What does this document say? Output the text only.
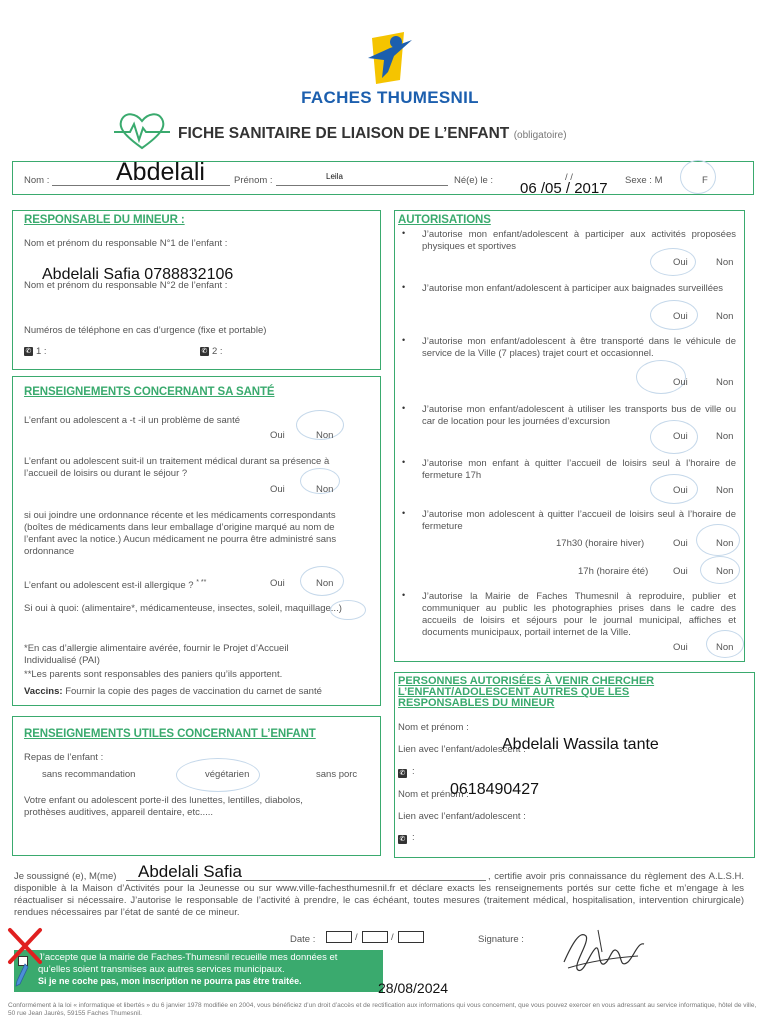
FACHES THUMESNIL
FICHE SANITAIRE DE LIAISON DE L’ENFANT (obligatoire)
Nom :	Abdelali	Prénom :	Leila	Né(e) le :	/ /
06 /05 / 2017 Sexe : M	F
RESPONSABLE DU MINEUR :
Nom et prénom du responsable N°1 de l’enfant :
Abdelali Safia 0788832106
Nom et prénom du responsable N°2 de l’enfant :
Numéros de téléphone en cas d’urgence (fixe et portable)
✆ 1 :	✆ 2 :
RENSEIGNEMENTS CONCERNANT SA SANTÉ
L’enfant ou adolescent a -t -il un problème de santé
Oui	Non
L’enfant ou adolescent suit-il un traitement médical durant sa présence à l’accueil de loisirs ou durant le séjour ?
Oui	Non
si oui joindre une ordonnance récente et les médicaments correspondants (boîtes de médicaments dans leur emballage d’origine marqué au nom de l’enfant avec la notice.) Aucun médicament ne pourra être administré sans ordonnance
L’enfant ou adolescent est-il allergique ? * **	Oui	Non
Si oui à quoi: (alimentaire*, médicamenteuse, insectes, soleil, maquillage...)
*En cas d’allergie alimentaire avérée, fournir le Projet d’Accueil Individualisé (PAI)
**Les parents sont responsables des paniers qu’ils apportent.
Vaccins: Fournir la copie des pages de vaccination du carnet de santé
RENSEIGNEMENTS UTILES CONCERNANT L’ENFANT
Repas de l’enfant :
sans recommandation	végétarien	sans porc
Votre enfant ou adolescent porte-il des lunettes, lentilles, diabolos, prothèses auditives, appareil dentaire, etc.....
AUTORISATIONS
• J’autorise mon enfant/adolescent à participer aux activités proposées physiques et sportives
Oui	Non
• J’autorise mon enfant/adolescent à participer aux baignades surveillées
Oui	Non
• J’autorise mon enfant/adolescent à être transporté dans le véhicule de service de la Ville (7 places) trajet court et occasionnel.
Oui	Non
• J’autorise mon enfant/adolescent à utiliser les transports bus de ville ou car de location pour les journées d’excursion
Oui	Non
• J’autorise mon enfant à quitter l’accueil de loisirs seul à l’horaire de fermeture 17h
Oui	Non
• J’autorise mon adolescent à quitter l’accueil de loisirs seul à l’horaire de fermeture
17h30 (horaire hiver)	Oui	Non
17h (horaire été)	Oui	Non
• J’autorise la Mairie de Faches Thumesnil à reproduire, publier et communiquer au public les photographies prises dans le cadre des accueils de loisirs et séjours pour le journal municipal, affiches et documents municipaux, portail internet de la Ville.
Oui	Non
PERSONNES AUTORISÉES À VENIR CHERCHER L’ENFANT/ADOLESCENT AUTRES QUE LES RESPONSABLES DU MINEUR
Nom et prénom :
Lien avec l’enfant/adolescent :
Abdelali Wassila tante
✆ :
Nom et prénom :
0618490427
Lien avec l’enfant/adolescent :
✆ :
Je soussigné (e), M(me) Abdelali Safia	, certifie avoir pris connaissance du règlement des A.L.S.H. disponible à la Maison d’Activités pour la Jeunesse ou sur www.ville-fachesthumesnil.fr et déclare exacts les renseignements portés sur cette fiche et m’engage à les réactualiser si nécessaire. J’autorise le responsable de l’activité à prendre, le cas échéant, toutes mesures (traitement médical, hospitalisation, intervention chirurgicale) rendues nécessaires par l’état de santé de ce mineur.
Date :	/	/	Signature :
J’accepte que la mairie de Faches-Thumesnil recueille mes données et qu’elles soient transmises aux autres services municipaux.
Si je ne coche pas, mon inscription ne pourra pas être traitée.	28/08/2024
Conformément à la loi « informatique et libertés » du 6 janvier 1978 modifiée en 2004, vous bénéficiez d’un droit d’accès et de rectification aux informations qui vous concernent, que vous pouvez exercer en vous adressant au service informatique, hôtel de ville, 50 rue Jean Jaurès, 59155 Faches Thumesnil.
